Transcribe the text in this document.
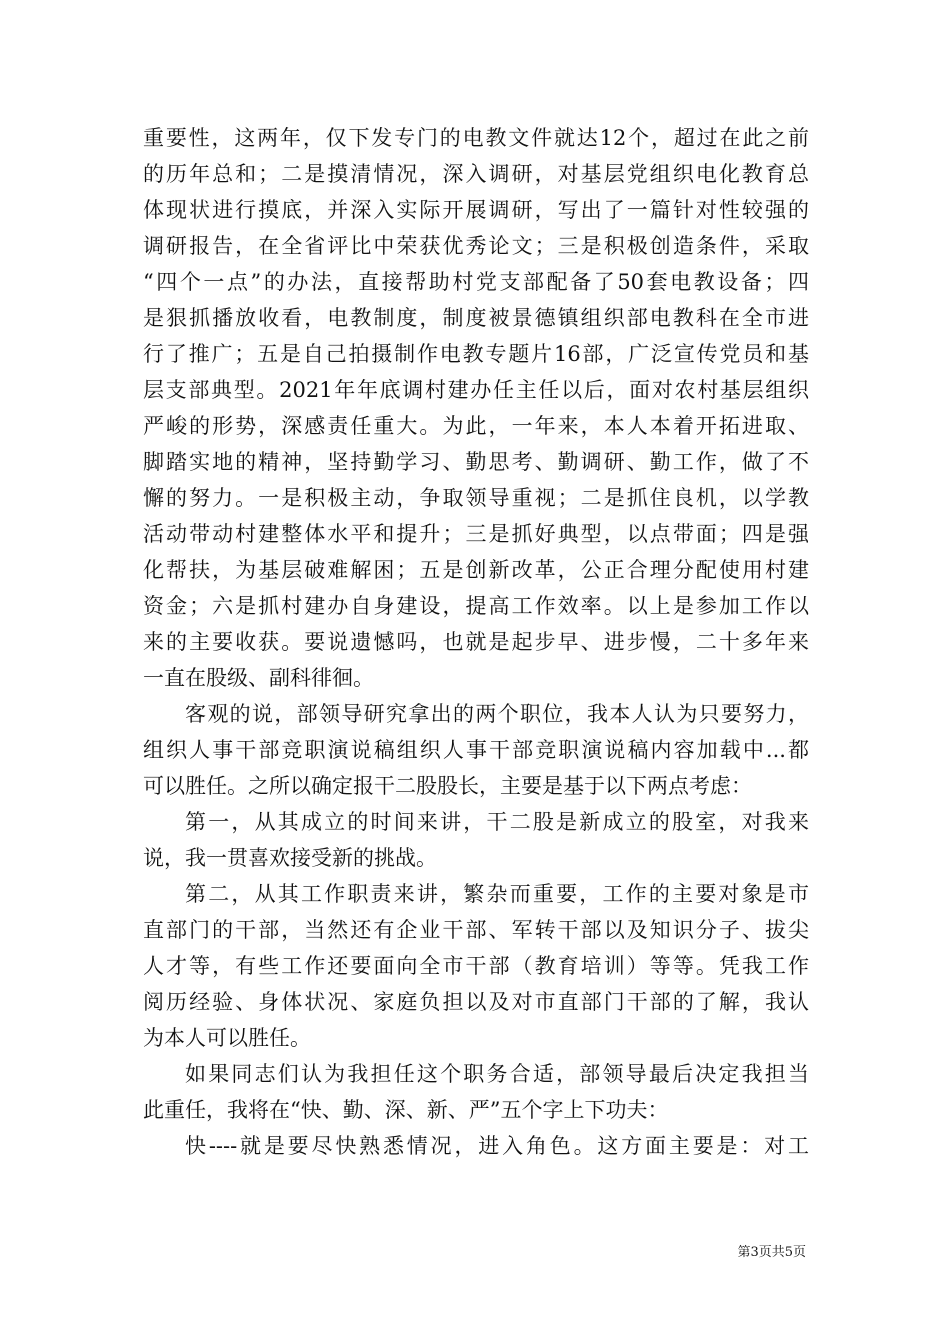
重要性，这两年，仅下发专门的电教文件就达12个，超过在此之前
的历年总和；二是摸清情况，深入调研，对基层党组织电化教育总
体现状进行摸底，并深入实际开展调研，写出了一篇针对性较强的
调研报告，在全省评比中荣获优秀论文；三是积极创造条件，采取
“四个一点”的办法，直接帮助村党支部配备了50套电教设备；四
是狠抓播放收看，电教制度，制度被景德镇组织部电教科在全市进
行了推广；五是自己拍摄制作电教专题片16部，广泛宣传党员和基
层支部典型。2021年年底调村建办任主任以后，面对农村基层组织
严峻的形势，深感责任重大。为此，一年来，本人本着开拓进取、
脚踏实地的精神，坚持勤学习、勤思考、勤调研、勤工作，做了不
懈的努力。一是积极主动，争取领导重视；二是抓住良机，以学教
活动带动村建整体水平和提升；三是抓好典型，以点带面；四是强
化帮扶，为基层破难解困；五是创新改革，公正合理分配使用村建
资金；六是抓村建办自身建设，提高工作效率。以上是参加工作以
来的主要收获。要说遗憾吗，也就是起步早、进步慢，二十多年来
一直在股级、副科徘徊。
客观的说，部领导研究拿出的两个职位，我本人认为只要努力，
组织人事干部竞职演说稿组织人事干部竞职演说稿内容加载中...都
可以胜任。之所以确定报干二股股长，主要是基于以下两点考虑：
第一，从其成立的时间来讲，干二股是新成立的股室，对我来
说，我一贯喜欢接受新的挑战。
第二，从其工作职责来讲，繁杂而重要，工作的主要对象是市
直部门的干部，当然还有企业干部、军转干部以及知识分子、拔尖
人才等，有些工作还要面向全市干部（教育培训）等等。凭我工作
阅历经验、身体状况、家庭负担以及对市直部门干部的了解，我认
为本人可以胜任。
如果同志们认为我担任这个职务合适，部领导最后决定我担当
此重任，我将在“快、勤、深、新、严”五个字上下功夫：
快----就是要尽快熟悉情况，进入角色。这方面主要是：对工
第3页共5页
